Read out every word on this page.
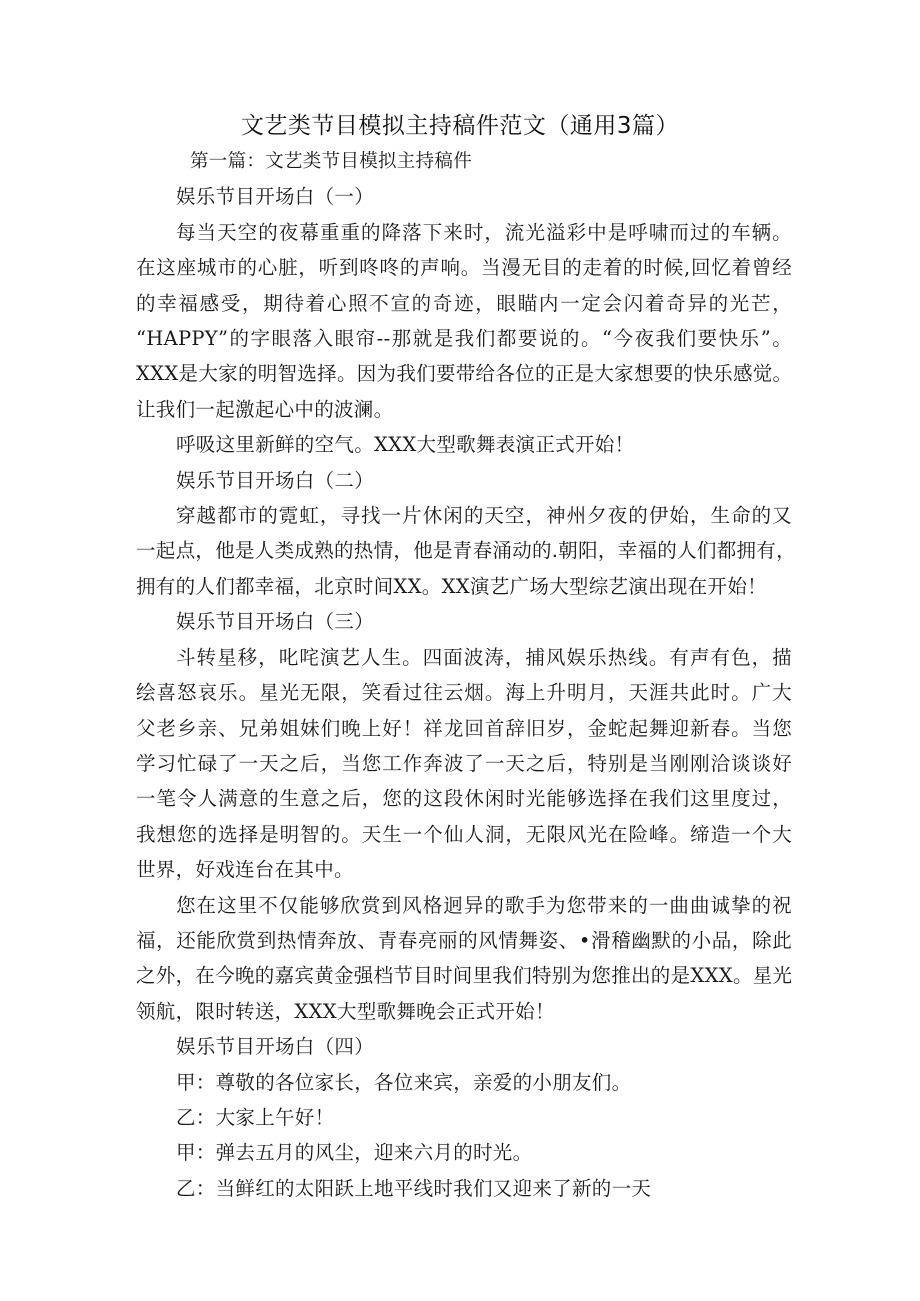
文艺类节目模拟主持稿件范文（通用3篇）

第一篇：文艺类节目模拟主持稿件

娱乐节目开场白（一）

每当天空的夜幕重重的降落下来时，流光溢彩中是呼啸而过的车辆。
在这座城市的心脏，听到咚咚的声响。当漫无目的走着的时候,回忆着曾经
的幸福感受，期待着心照不宣的奇迹，眼瞄内一定会闪着奇异的光芒，
“HAPPY”的字眼落入眼帘--那就是我们都要说的。“今夜我们要快乐”。
XXX是大家的明智选择。因为我们要带给各位的正是大家想要的快乐感觉。
让我们一起激起心中的波澜。

呼吸这里新鲜的空气。XXX大型歌舞表演正式开始！

娱乐节目开场白（二）

穿越都市的霓虹，寻找一片休闲的天空，神州夕夜的伊始，生命的又
一起点，他是人类成熟的热情，他是青春涌动的.朝阳，幸福的人们都拥有，
拥有的人们都幸福，北京时间XX。XX演艺广场大型综艺演出现在开始！

娱乐节目开场白（三）

斗转星移，叱咤演艺人生。四面波涛，捕风娱乐热线。有声有色，描
绘喜怒哀乐。星光无限，笑看过往云烟。海上升明月，天涯共此时。广大
父老乡亲、兄弟姐妹们晚上好！祥龙回首辞旧岁，金蛇起舞迎新春。当您
学习忙碌了一天之后，当您工作奔波了一天之后，特别是当刚刚洽谈谈好
一笔令人满意的生意之后，您的这段休闲时光能够选择在我们这里度过，
我想您的选择是明智的。天生一个仙人洞，无限风光在险峰。缔造一个大
世界，好戏连台在其中。
您在这里不仅能够欣赏到风格迥异的歌手为您带来的一曲曲诚挚的祝
福，还能欣赏到热情奔放、青春亮丽的风情舞姿、•滑稽幽默的小品，除此
之外，在今晚的嘉宾黄金强档节目时间里我们特别为您推出的是XXX。星光
领航，限时转送，XXX大型歌舞晚会正式开始！

娱乐节目开场白（四）

甲：尊敬的各位家长，各位来宾，亲爱的小朋友们。

乙：大家上午好！

甲：弹去五月的风尘，迎来六月的时光。

乙：当鲜红的太阳跃上地平线时我们又迎来了新的一天
